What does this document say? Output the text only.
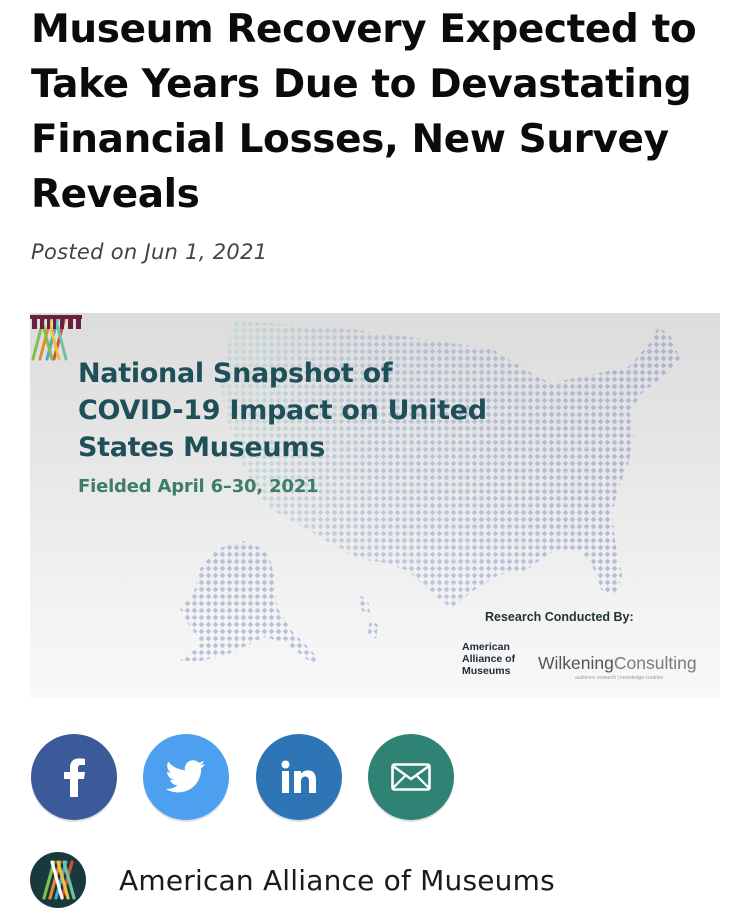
Museum Recovery Expected to Take Years Due to Devastating Financial Losses, New Survey Reveals
Posted on Jun 1, 2021
National Snapshot of COVID-19 Impact on United States Museums
Fielded April 6–30, 2021
Research Conducted By:
American Alliance of Museums	WilkeningConsulting
audience research | knowledge curation
American Alliance of Museums
